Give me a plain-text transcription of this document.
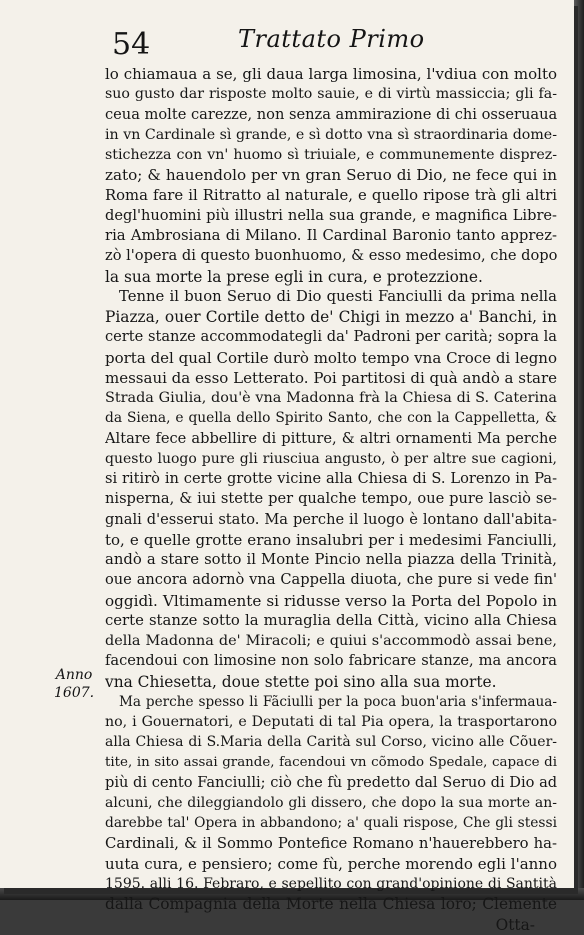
54	Trattato Primo
Anno
1607.
lo chiamaua a se, gli daua larga limosina, l'vdiua con molto
suo gusto dar risposte molto sauie, e di virtù massiccia; gli fa-
ceua molte carezze, non senza ammirazione di chi osseruaua
in vn Cardinale sì grande, e sì dotto vna sì straordinaria dome-
stichezza con vn' huomo sì triuiale, e communemente disprez-
zato; & hauendolo per vn gran Seruo di Dio, ne fece qui in
Roma fare il Ritratto al naturale, e quello ripose trà gli altri
degl'huomini più illustri nella sua grande, e magnifica Libre-
ria Ambrosiana di Milano. Il Cardinal Baronio tanto apprez-
zò l'opera di questo buonhuomo, & esso medesimo, che dopo
la sua morte la prese egli in cura, e protezzione.
Tenne il buon Seruo di Dio questi Fanciulli da prima nella
Piazza, ouer Cortile detto de' Chigi in mezzo a' Banchi, in
certe stanze accommodategli da' Padroni per carità; sopra la
porta del qual Cortile durò molto tempo vna Croce di legno
messaui da esso Letterato. Poi partitosi di quà andò a stare
Strada Giulia, dou'è vna Madonna frà la Chiesa di S. Caterina
da Siena, e quella dello Spirito Santo, che con la Cappelletta, &
Altare fece abbellire di pitture, & altri ornamenti Ma perche
questo luogo pure gli riusciua angusto, ò per altre sue cagioni,
si ritirò in certe grotte vicine alla Chiesa di S. Lorenzo in Pa-
nisperna, & iui stette per qualche tempo, oue pure lasciò se-
gnali d'esserui stato. Ma perche il luogo è lontano dall'abita-
to, e quelle grotte erano insalubri per i medesimi Fanciulli,
andò a stare sotto il Monte Pincio nella piazza della Trinità,
oue ancora adornò vna Cappella diuota, che pure si vede fin'
oggidì. Vltimamente si ridusse verso la Porta del Popolo in
certe stanze sotto la muraglia della Città, vicino alla Chiesa
della Madonna de' Miracoli; e quiui s'accommodò assai bene,
facendoui con limosine non solo fabricare stanze, ma ancora
vna Chiesetta, doue stette poi sino alla sua morte.
Ma perche spesso li Fãciulli per la poca buon'aria s'infermaua-
no, i Gouernatori, e Deputati di tal Pia opera, la trasportarono
alla Chiesa di S.Maria della Carità sul Corso, vicino alle Cõuer-
tite, in sito assai grande, facendoui vn cõmodo Spedale, capace di
più di cento Fanciulli; ciò che fù predetto dal Seruo di Dio ad
alcuni, che dileggiandolo gli dissero, che dopo la sua morte an-
darebbe tal' Opera in abbandono; a' quali rispose, Che gli stessi
Cardinali, & il Sommo Pontefice Romano n'hauerebbero ha-
uuta cura, e pensiero; come fù, perche morendo egli l'anno
1595. alli 16. Febraro, e sepellito con grand'opinione di Santità
dalla Compagnia della Morte nella Chiesa loro; Clemente
Otta-
